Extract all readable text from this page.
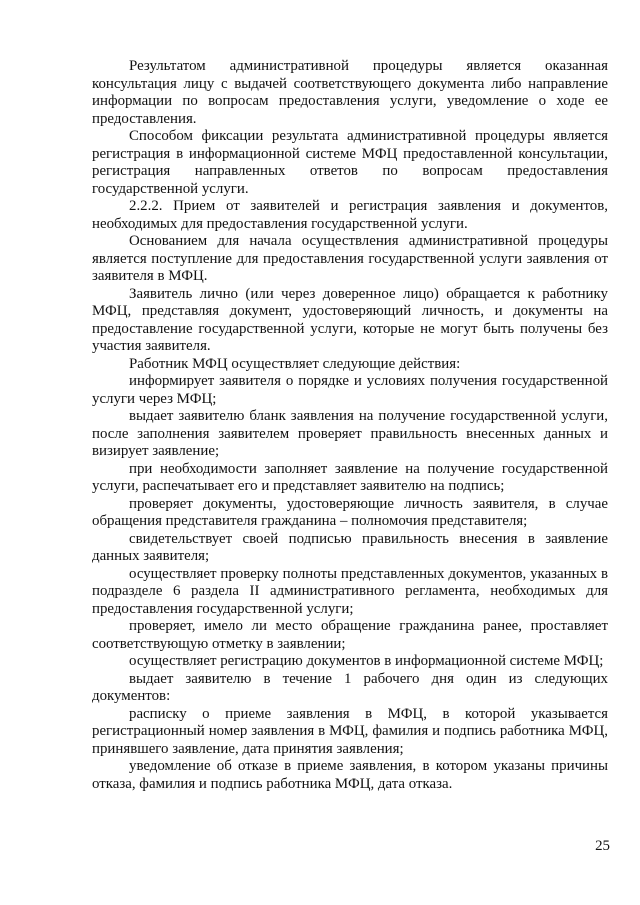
Результатом административной процедуры является оказанная консультация лицу с выдачей соответствующего документа либо направление информации по вопросам предоставления услуги, уведомление о ходе ее предоставления.

Способом фиксации результата административной процедуры является регистрация в информационной системе МФЦ предоставленной консультации, регистрация направленных ответов по вопросам предоставления государственной услуги.

2.2.2. Прием от заявителей и регистрация заявления и документов, необходимых для предоставления государственной услуги.

Основанием для начала осуществления административной процедуры является поступление для предоставления государственной услуги заявления от заявителя в МФЦ.

Заявитель лично (или через доверенное лицо) обращается к работнику МФЦ, представляя документ, удостоверяющий личность, и документы на предоставление государственной услуги, которые не могут быть получены без участия заявителя.

Работник МФЦ осуществляет следующие действия:

информирует заявителя о порядке и условиях получения государственной услуги через МФЦ;

выдает заявителю бланк заявления на получение государственной услуги, после заполнения заявителем проверяет правильность внесенных данных и визирует заявление;

при необходимости заполняет заявление на получение государственной услуги, распечатывает его и представляет заявителю на подпись;

проверяет документы, удостоверяющие личность заявителя, в случае обращения представителя гражданина – полномочия представителя;

свидетельствует своей подписью правильность внесения в заявление данных заявителя;

осуществляет проверку полноты представленных документов, указанных в подразделе 6 раздела II административного регламента, необходимых для предоставления государственной услуги;

проверяет, имело ли место обращение гражданина ранее, проставляет соответствующую отметку в заявлении;

осуществляет регистрацию документов в информационной системе МФЦ;

выдает заявителю в течение 1 рабочего дня один из следующих документов:

расписку о приеме заявления в МФЦ, в которой указывается регистрационный номер заявления в МФЦ, фамилия и подпись работника МФЦ, принявшего заявление, дата принятия заявления;

уведомление об отказе в приеме заявления, в котором указаны причины отказа, фамилия и подпись работника МФЦ, дата отказа.

25
